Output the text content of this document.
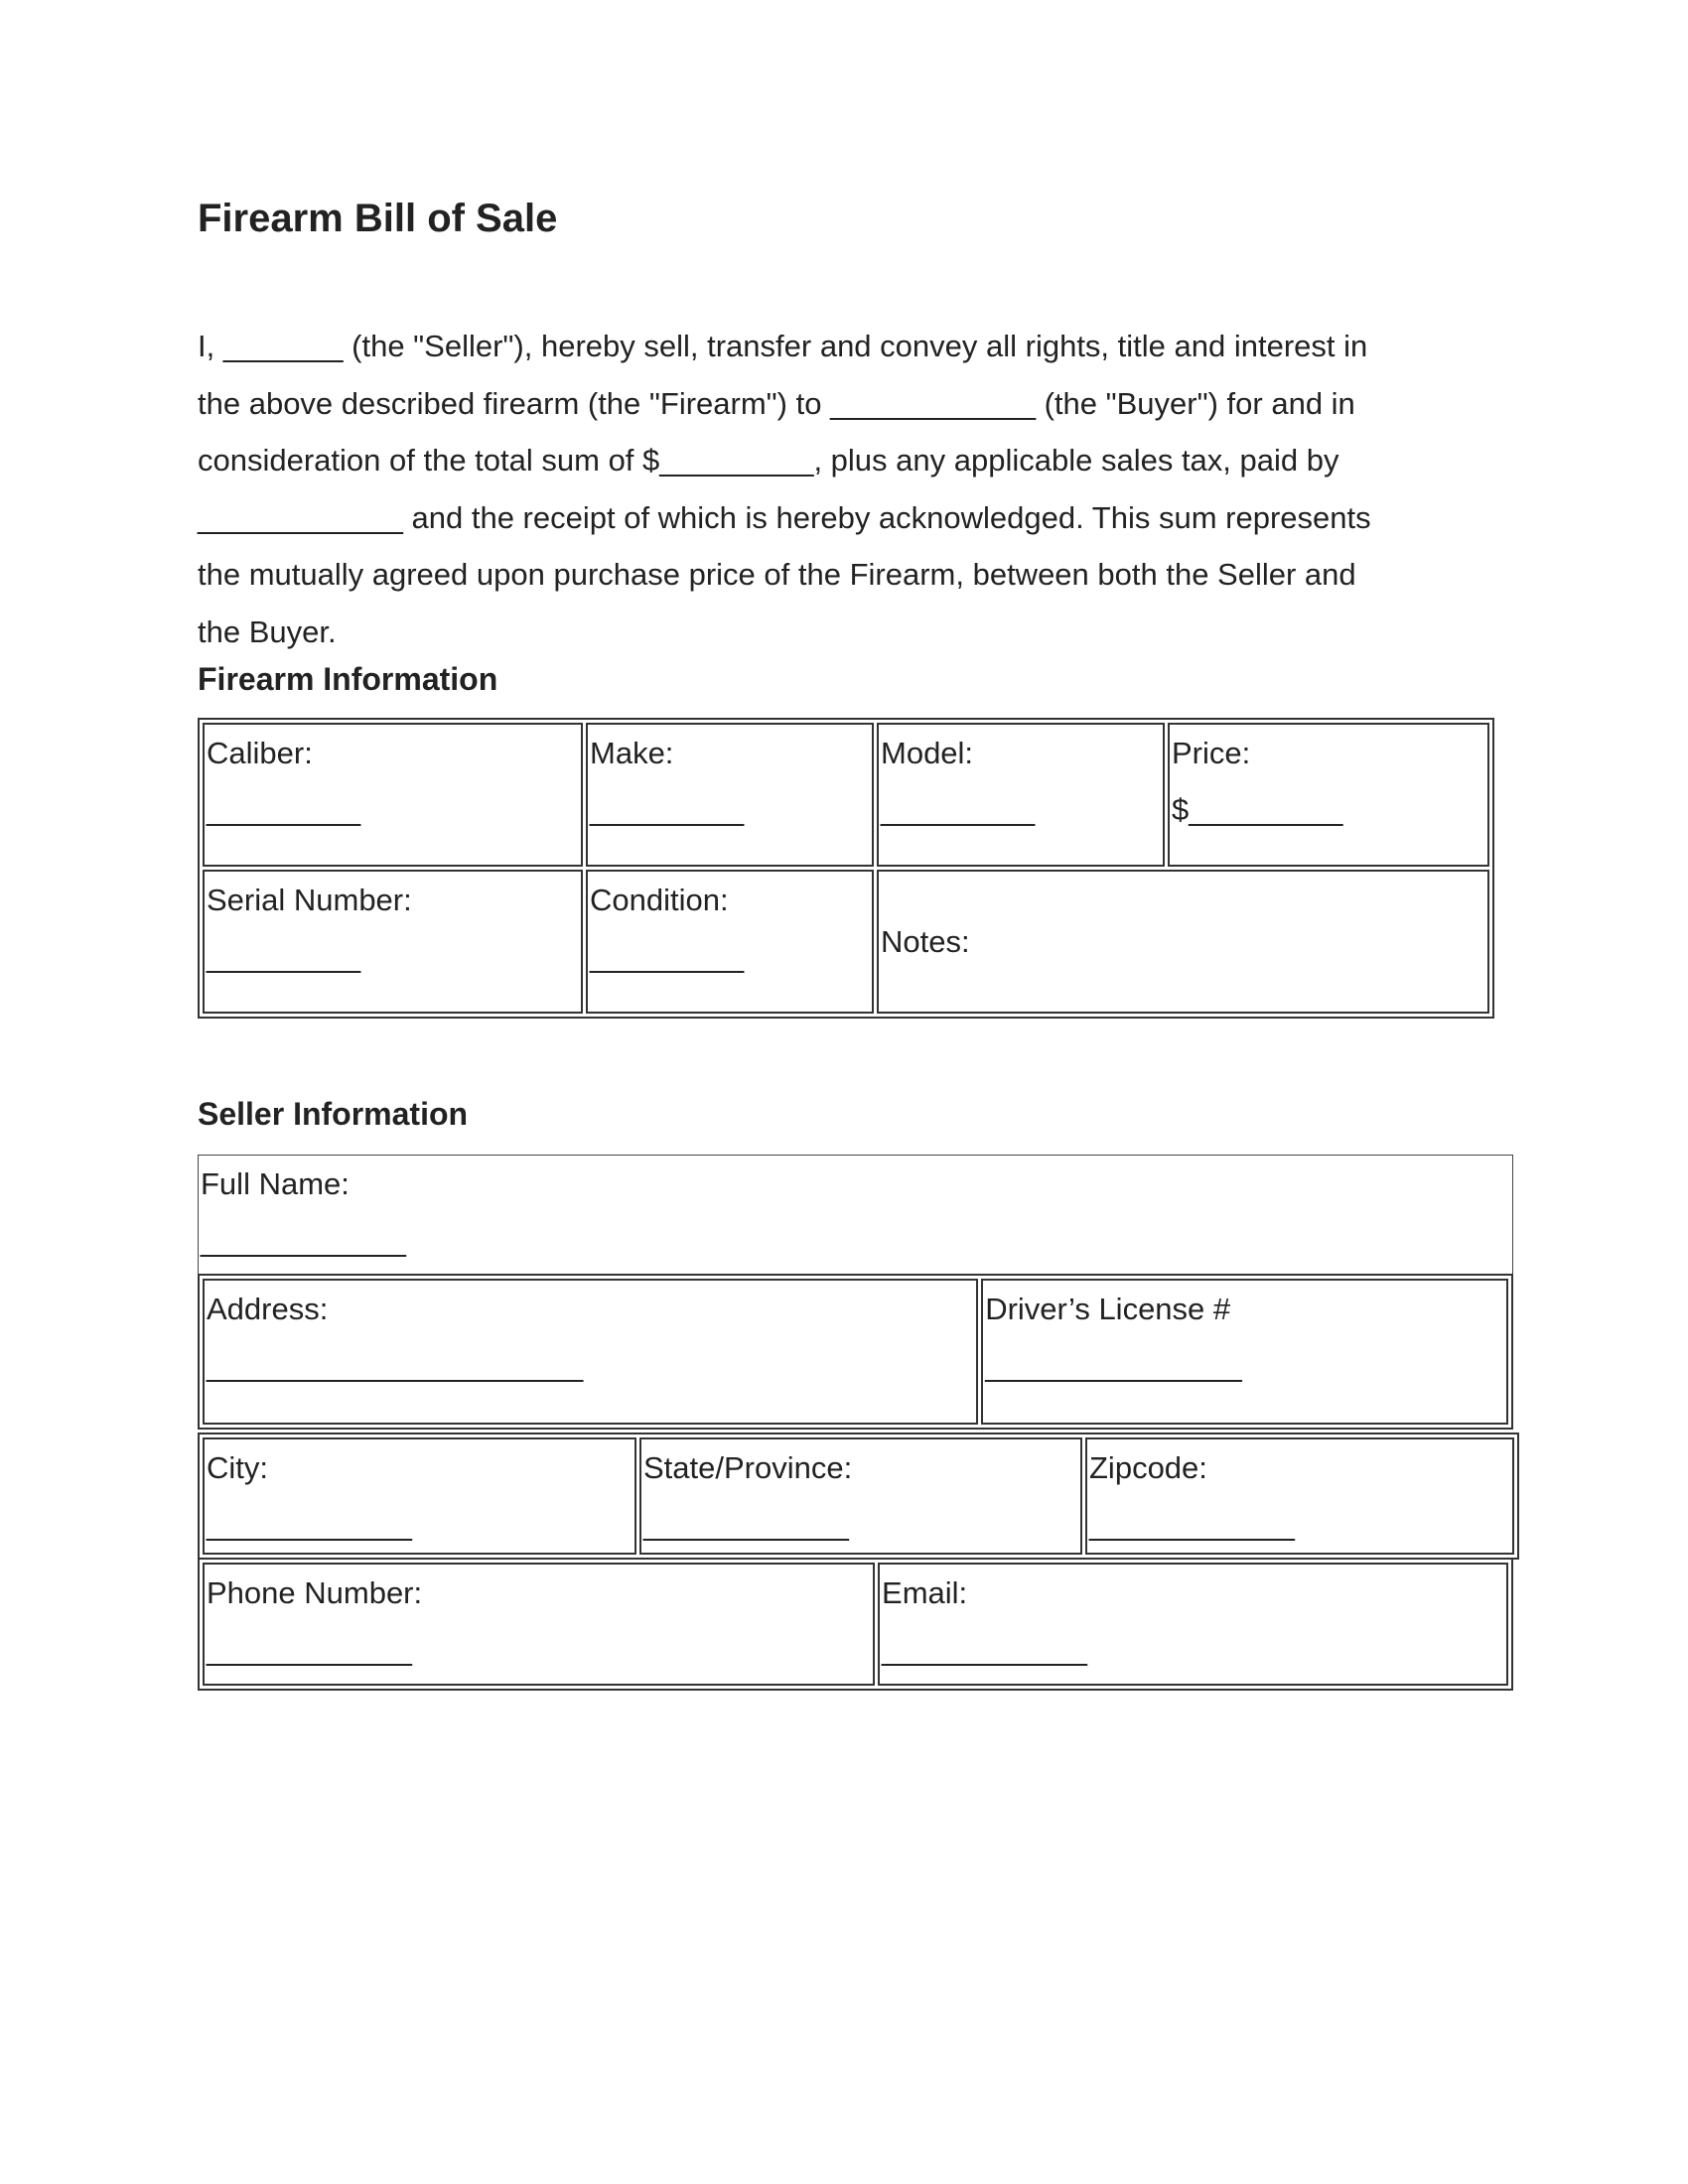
Firearm Bill of Sale

I, _______ (the "Seller"), hereby sell, transfer and convey all rights, title and interest in
the above described firearm (the "Firearm") to ____________ (the "Buyer") for and in
consideration of the total sum of $_________, plus any applicable sales tax, paid by
____________ and the receipt of which is hereby acknowledged. This sum represents
the mutually agreed upon purchase price of the Firearm, between both the Seller and
the Buyer.

Firearm Information
Caliber:
_________	Make:
_________	Model:
_________	Price:
$_________

Serial Number:
_________	Condition:
_________	Notes:	
Seller Information
Full Name:
____________
Address:
______________________

Driver’s License #
_______________
City:
____________

State/Province:
____________

Zipcode:
____________
Phone Number:
____________

Email:
____________
